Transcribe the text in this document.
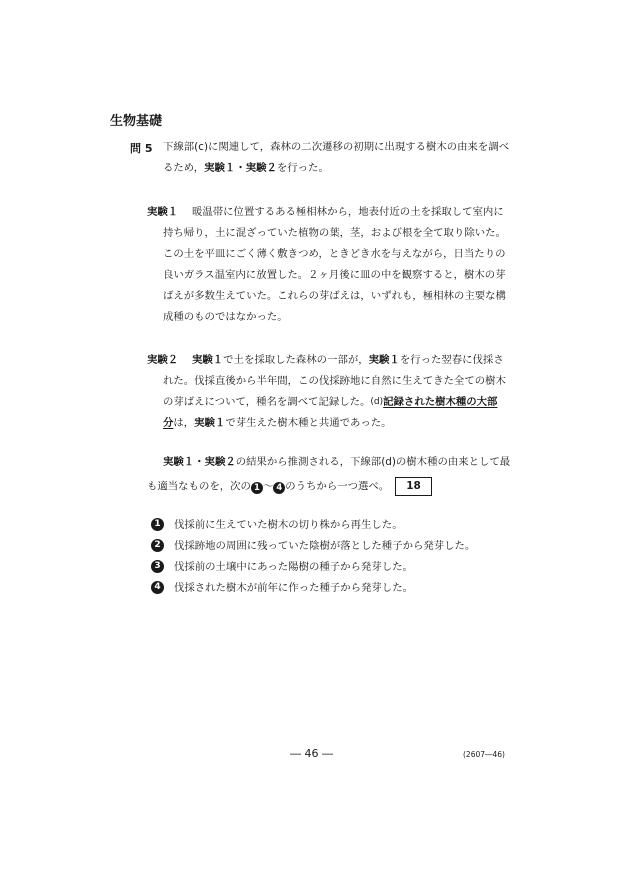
生物基礎
問 5 下線部(c)に関連して，森林の二次遷移の初期に出現する樹木の由来を調べ
るため，実験１・実験２を行った。
実験１ 暖温帯に位置するある極相林から，地表付近の土を採取して室内に
持ち帰り，土に混ざっていた植物の葉，茎，および根を全て取り除いた。
この土を平皿にごく薄く敷きつめ，ときどき水を与えながら，日当たりの
良いガラス温室内に放置した。２ヶ月後に皿の中を観察すると，樹木の芽
ばえが多数生えていた。これらの芽ばえは，いずれも，極相林の主要な構
成種のものではなかった。
実験２ 実験１で土を採取した森林の一部が，実験１を行った翌春に伐採さ
れた。伐採直後から半年間，この伐採跡地に自然に生えてきた全ての樹木
の芽ばえについて，種名を調べて記録した。(d)記録された樹木種の大部
分は，実験１で芽生えた樹木種と共通であった。
実験１・実験２の結果から推測される，下線部(d)の樹木種の由来として最
も適当なものを，次の 1 ～ 4 のうちから一つ選べ。 18
1	伐採前に生えていた樹木の切り株から再生した。
2	伐採跡地の周囲に残っていた陰樹が落とした種子から発芽した。
3	伐採前の土壌中にあった陽樹の種子から発芽した。
4	伐採された樹木が前年に作った種子から発芽した。
― 46 ―	(2607―46)
